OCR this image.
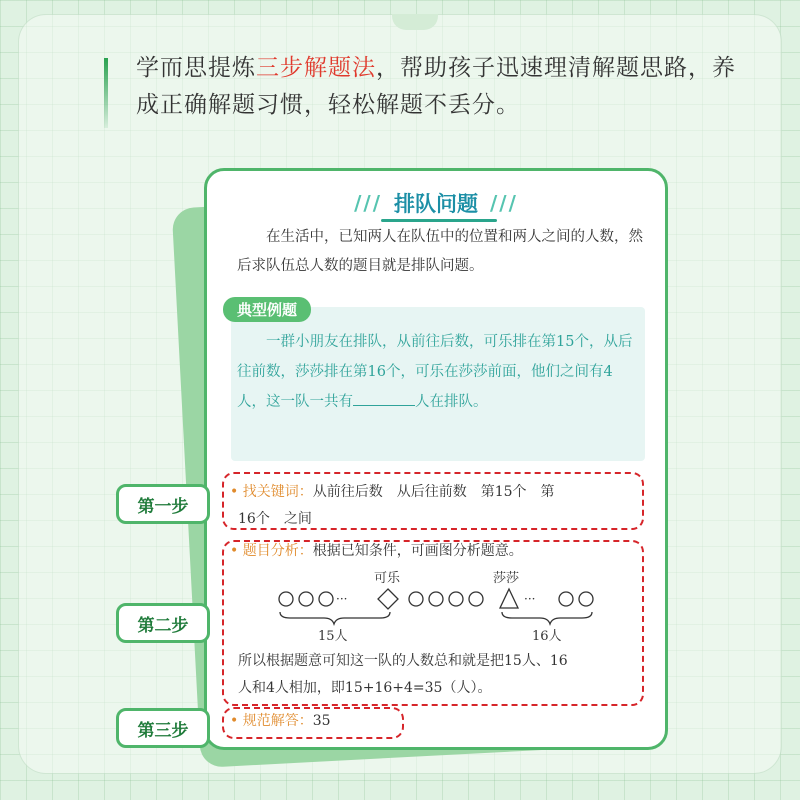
学而思提炼三步解题法，帮助孩子迅速理清解题思路，养成正确解题习惯，轻松解题不丢分。
/// 排队问题 ///
在生活中，已知两人在队伍中的位置和两人之间的人数，然后求队伍总人数的题目就是排队问题。
典型例题
一群小朋友在排队，从前往后数，可乐排在第15个，从后往前数，莎莎排在第16个，可乐在莎莎前面，他们之间有4人，这一队一共有	人在排队。
• 找关键词：从前往后数　从后往前数　第15个　第
16个　之间
• 题目分析：根据已知条件，可画图分析题意。
可乐	莎莎
···	···
15人	16人
所以根据题意可知这一队的人数总和就是把15人、16
人和4人相加，即15+16+4=35（人）。
• 规范解答：35
第一步
第二步
第三步
